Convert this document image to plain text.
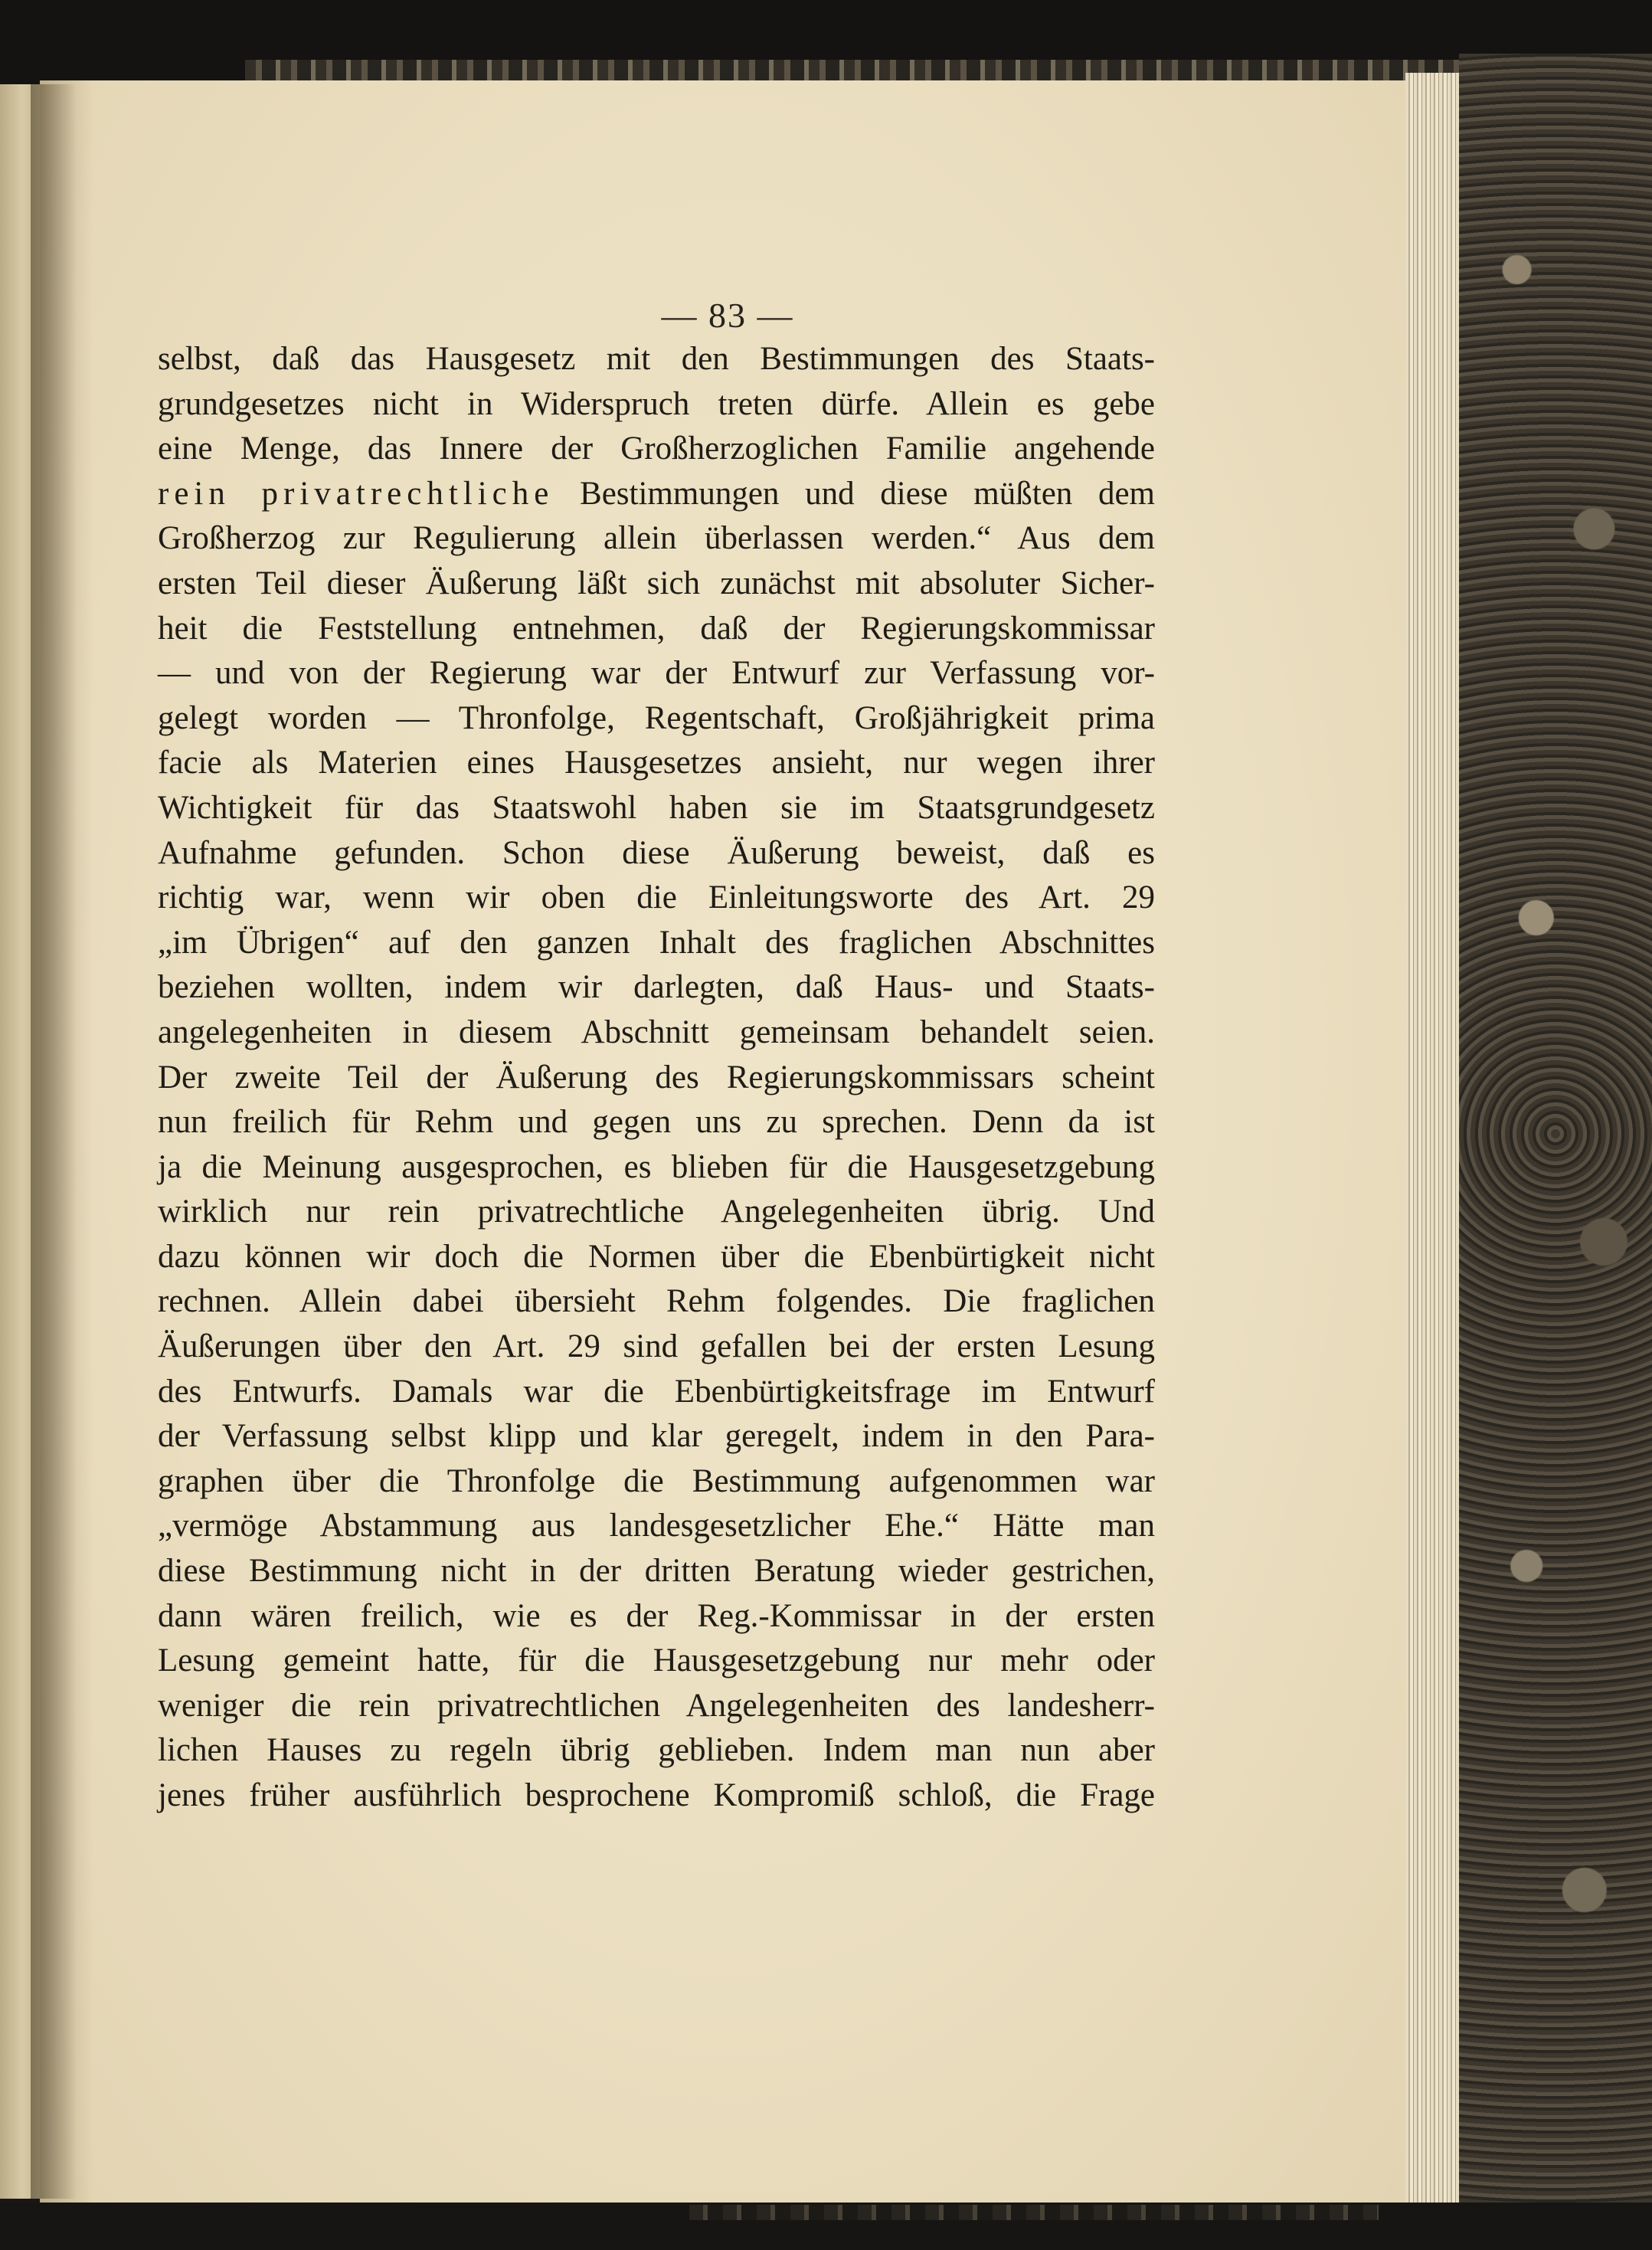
— 83 —
selbst, daß das Hausgesetz mit den Bestimmungen des Staats-
grundgesetzes nicht in Widerspruch treten dürfe. Allein es gebe
eine Menge, das Innere der Großherzoglichen Familie angehende
rein privatrechtliche Bestimmungen und diese müßten dem
Großherzog zur Regulierung allein überlassen werden.“ Aus dem
ersten Teil dieser Äußerung läßt sich zunächst mit absoluter Sicher-
heit die Feststellung entnehmen, daß der Regierungskommissar
— und von der Regierung war der Entwurf zur Verfassung vor-
gelegt worden — Thronfolge, Regentschaft, Großjährigkeit prima
facie als Materien eines Hausgesetzes ansieht, nur wegen ihrer
Wichtigkeit für das Staatswohl haben sie im Staatsgrundgesetz
Aufnahme gefunden. Schon diese Äußerung beweist, daß es
richtig war, wenn wir oben die Einleitungsworte des Art. 29
„im Übrigen“ auf den ganzen Inhalt des fraglichen Abschnittes
beziehen wollten, indem wir darlegten, daß Haus- und Staats-
angelegenheiten in diesem Abschnitt gemeinsam behandelt seien.
Der zweite Teil der Äußerung des Regierungskommissars scheint
nun freilich für Rehm und gegen uns zu sprechen. Denn da ist
ja die Meinung ausgesprochen, es blieben für die Hausgesetzgebung
wirklich nur rein privatrechtliche Angelegenheiten übrig. Und
dazu können wir doch die Normen über die Ebenbürtigkeit nicht
rechnen. Allein dabei übersieht Rehm folgendes. Die fraglichen
Äußerungen über den Art. 29 sind gefallen bei der ersten Lesung
des Entwurfs. Damals war die Ebenbürtigkeitsfrage im Entwurf
der Verfassung selbst klipp und klar geregelt, indem in den Para-
graphen über die Thronfolge die Bestimmung aufgenommen war
„vermöge Abstammung aus landesgesetzlicher Ehe.“ Hätte man
diese Bestimmung nicht in der dritten Beratung wieder gestrichen,
dann wären freilich, wie es der Reg.-Kommissar in der ersten
Lesung gemeint hatte, für die Hausgesetzgebung nur mehr oder
weniger die rein privatrechtlichen Angelegenheiten des landesherr-
lichen Hauses zu regeln übrig geblieben. Indem man nun aber
jenes früher ausführlich besprochene Kompromiß schloß, die Frage
